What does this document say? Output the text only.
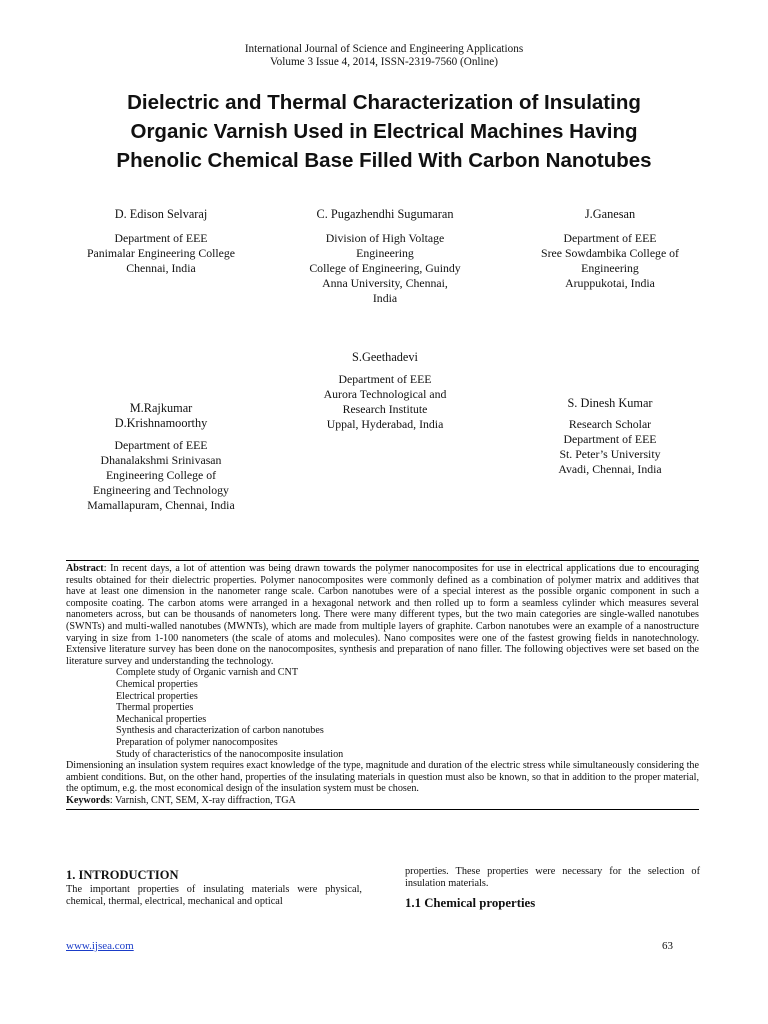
International Journal of Science and Engineering Applications
Volume 3 Issue 4, 2014, ISSN-2319-7560 (Online)
Dielectric and Thermal Characterization of Insulating
Organic Varnish Used in Electrical Machines Having
Phenolic Chemical Base Filled With Carbon Nanotubes
D. Edison Selvaraj
Department of EEE
Panimalar Engineering College
Chennai, India
C. Pugazhendhi Sugumaran
Division of High Voltage
Engineering
College of Engineering, Guindy
Anna University, Chennai,
India
J.Ganesan
Department of EEE
Sree Sowdambika College of
Engineering
Aruppukotai, India
S.Geethadevi
Department of EEE
Aurora Technological and
Research Institute
Uppal, Hyderabad, India
M.Rajkumar
D.Krishnamoorthy
Department of EEE
Dhanalakshmi Srinivasan
Engineering College of
Engineering and Technology
Mamallapuram, Chennai, India
S. Dinesh Kumar
Research Scholar
Department of EEE
St. Peter’s University
Avadi, Chennai, India

Abstract: In recent days, a lot of attention was being drawn towards the polymer nanocomposites for use in electrical applications due to encouraging results obtained for their dielectric properties. Polymer nanocomposites were commonly defined as a combination of polymer matrix and additives that have at least one dimension in the nanometer range scale. Carbon nanotubes were of a special interest as the possible organic component in such a composite coating. The carbon atoms were arranged in a hexagonal network and then rolled up to form a seamless cylinder which measures several nanometers across, but can be thousands of nanometers long. There were many different types, but the two main categories are single-walled nanotubes (SWNTs) and multi-walled nanotubes (MWNTs), which are made from multiple layers of graphite. Carbon nanotubes were an example of a nanostructure varying in size from 1-100 nanometers (the scale of atoms and molecules). Nano composites were one of the fastest growing fields in nanotechnology. Extensive literature survey has been done on the nanocomposites, synthesis and preparation of nano filler. The following objectives were set based on the literature survey and understanding the technology.

Complete study of Organic varnish and CNT
Chemical properties
Electrical properties
Thermal properties
Mechanical properties
Synthesis and characterization of carbon nanotubes
Preparation of polymer nanocomposites
Study of characteristics of the nanocomposite insulation

Dimensioning an insulation system requires exact knowledge of the type, magnitude and duration of the electric stress while simultaneously considering the ambient conditions. But, on the other hand, properties of the insulating materials in question must also be known, so that in addition to the proper material, the optimum, e.g. the most economical design of the insulation system must be chosen.

Keywords: Varnish, CNT, SEM, X-ray diffraction, TGA

1. INTRODUCTION
The important properties of insulating materials were physical, chemical, thermal, electrical, mechanical and optical
properties. These properties were necessary for the selection of insulation materials.
1.1 Chemical properties
www.ijsea.com	63
